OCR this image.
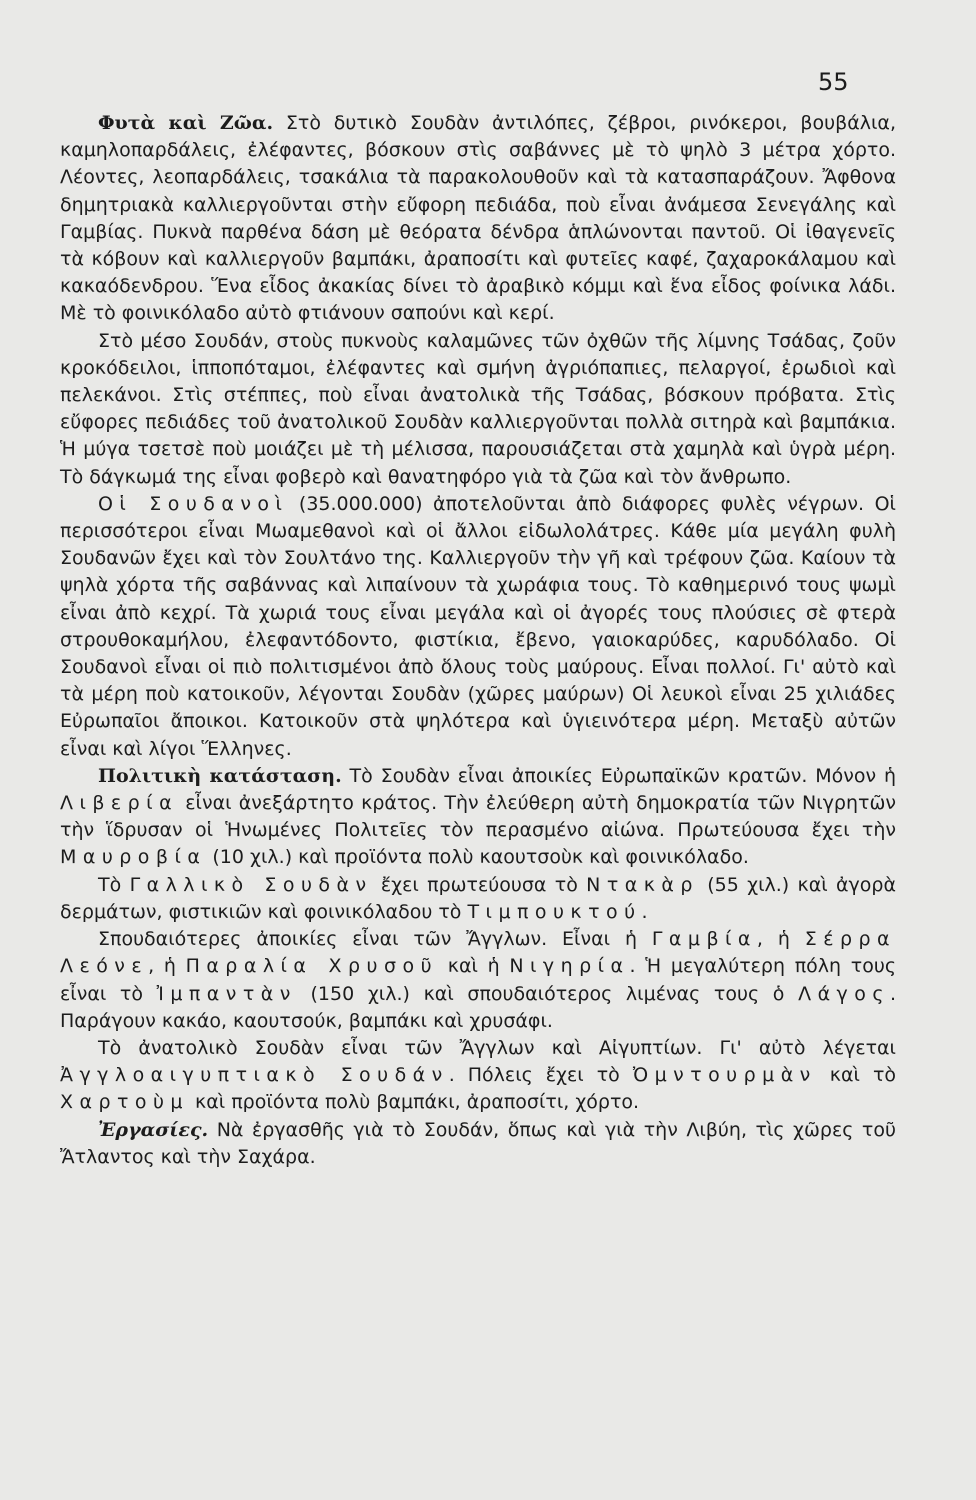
55

Φυτὰ καὶ Ζῶα. Στὸ δυτικὸ Σουδὰν ἀντιλόπες, ζέβροι, ρινόκεροι, βουβάλια, καμηλοπαρδάλεις, ἐλέφαντες, βόσκουν στὶς σαβάννες μὲ τὸ ψηλὸ 3 μέτρα χόρτο. Λέοντες, λεοπαρδάλεις, τσακάλια τὰ παρακολουθοῦν καὶ τὰ κατασπαράζουν. Ἄφθονα δημητριακὰ καλλιεργοῦνται στὴν εὔφορη πεδιάδα, ποὺ εἶναι ἀνάμεσα Σενεγάλης καὶ Γαμβίας. Πυκνὰ παρθένα δάση μὲ θεόρατα δένδρα ἁπλώνονται παντοῦ. Οἱ ἰθαγενεῖς τὰ κόβουν καὶ καλλιεργοῦν βαμπάκι, ἀραποσίτι καὶ φυτεῖες καφέ, ζαχαροκάλαμου καὶ κακαόδενδρου. Ἕνα εἶδος ἀκακίας δίνει τὸ ἀραβικὸ κόμμι καὶ ἕνα εἶδος φοίνικα λάδι. Μὲ τὸ φοινικόλαδο αὐτὸ φτιάνουν σαπούνι καὶ κερί.

Στὸ μέσο Σουδάν, στοὺς πυκνοὺς καλαμῶνες τῶν ὀχθῶν τῆς λίμνης Τσάδας, ζοῦν κροκόδειλοι, ἱπποπόταμοι, ἐλέφαντες καὶ σμήνη ἀγριόπαπιες, πελαργοί, ἐρωδιοὶ καὶ πελεκάνοι. Στὶς στέππες, ποὺ εἶναι ἀνατολικὰ τῆς Τσάδας, βόσκουν πρόβατα. Στὶς εὔφορες πεδιάδες τοῦ ἀνατολικοῦ Σουδὰν καλλιεργοῦνται πολλὰ σιτηρὰ καὶ βαμπάκια. Ἡ μύγα τσετσὲ ποὺ μοιάζει μὲ τὴ μέλισσα, παρουσιάζεται στὰ χαμηλὰ καὶ ὑγρὰ μέρη. Τὸ δάγκωμά της εἶναι φοβερὸ καὶ θανατηφόρο γιὰ τὰ ζῶα καὶ τὸν ἄνθρωπο.

Οἱ Σουδανοὶ (35.000.000) ἀποτελοῦνται ἀπὸ διάφορες φυλὲς νέγρων. Οἱ περισσότεροι εἶναι Μωαμεθανοὶ καὶ οἱ ἄλλοι εἰδωλολάτρες. Κάθε μία μεγάλη φυλὴ Σουδανῶν ἔχει καὶ τὸν Σουλτάνο της. Καλλιεργοῦν τὴν γῆ καὶ τρέφουν ζῶα. Καίουν τὰ ψηλὰ χόρτα τῆς σαβάννας καὶ λιπαίνουν τὰ χωράφια τους. Τὸ καθημερινό τους ψωμὶ εἶναι ἀπὸ κεχρί. Τὰ χωριά τους εἶναι μεγάλα καὶ οἱ ἀγορές τους πλούσιες σὲ φτερὰ στρουθοκαμήλου, ἐλεφαντόδοντο, φιστίκια, ἔβενο, γαιοκαρύδες, καρυδόλαδο. Οἱ Σουδανοὶ εἶναι οἱ πιὸ πολιτισμένοι ἀπὸ ὅλους τοὺς μαύρους. Εἶναι πολλοί. Γι' αὐτὸ καὶ τὰ μέρη ποὺ κατοικοῦν, λέγονται Σουδὰν (χῶρες μαύρων) Οἱ λευκοὶ εἶναι 25 χιλιάδες Εὐρωπαῖοι ἄποικοι. Κατοικοῦν στὰ ψηλότερα καὶ ὑγιεινότερα μέρη. Μεταξὺ αὐτῶν εἶναι καὶ λίγοι Ἕλληνες.

Πολιτικὴ κατάσταση. Τὸ Σουδὰν εἶναι ἀποικίες Εὐρωπαϊκῶν κρατῶν. Μόνον ἡ Λιβερία εἶναι ἀνεξάρτητο κράτος. Τὴν ἐλεύθερη αὐτὴ δημοκρατία τῶν Νιγρητῶν τὴν ἵδρυσαν οἱ Ἡνωμένες Πολιτεῖες τὸν περασμένο αἰώνα. Πρωτεύουσα ἔχει τὴν Μαυροβία (10 χιλ.) καὶ προϊόντα πολὺ καουτσοὺκ καὶ φοινικόλαδο.

Τὸ Γαλλικὸ Σουδὰν ἔχει πρωτεύουσα τὸ Ντακὰρ (55 χιλ.) καὶ ἀγορὰ δερμάτων, φιστικιῶν καὶ φοινικόλαδου τὸ Τιμπουκτού.

Σπουδαιότερες ἀποικίες εἶναι τῶν Ἄγγλων. Εἶναι ἡ Γαμβία, ἡ Σέρρα Λεόνε, ἡ Παραλία Χρυσοῦ καὶ ἡ Νιγηρία. Ἡ μεγαλύτερη πόλη τους εἶναι τὸ Ἰμπαντὰν (150 χιλ.) καὶ σπουδαιότερος λιμένας τους ὁ Λάγος. Παράγουν κακάο, καουτσούκ, βαμπάκι καὶ χρυσάφι.

Τὸ ἀνατολικὸ Σουδὰν εἶναι τῶν Ἄγγλων καὶ Αἰγυπτίων. Γι' αὐτὸ λέγεται Ἀγγλοαιγυπτιακὸ Σουδάν. Πόλεις ἔχει τὸ Ὀμντουρμὰν καὶ τὸ Χαρτοὺμ καὶ προϊόντα πολὺ βαμπάκι, ἀραποσίτι, χόρτο.

Ἐργασίες. Νὰ ἐργασθῆς γιὰ τὸ Σουδάν, ὅπως καὶ γιὰ τὴν Λιβύη, τὶς χῶρες τοῦ Ἄτλαντος καὶ τὴν Σαχάρα.
